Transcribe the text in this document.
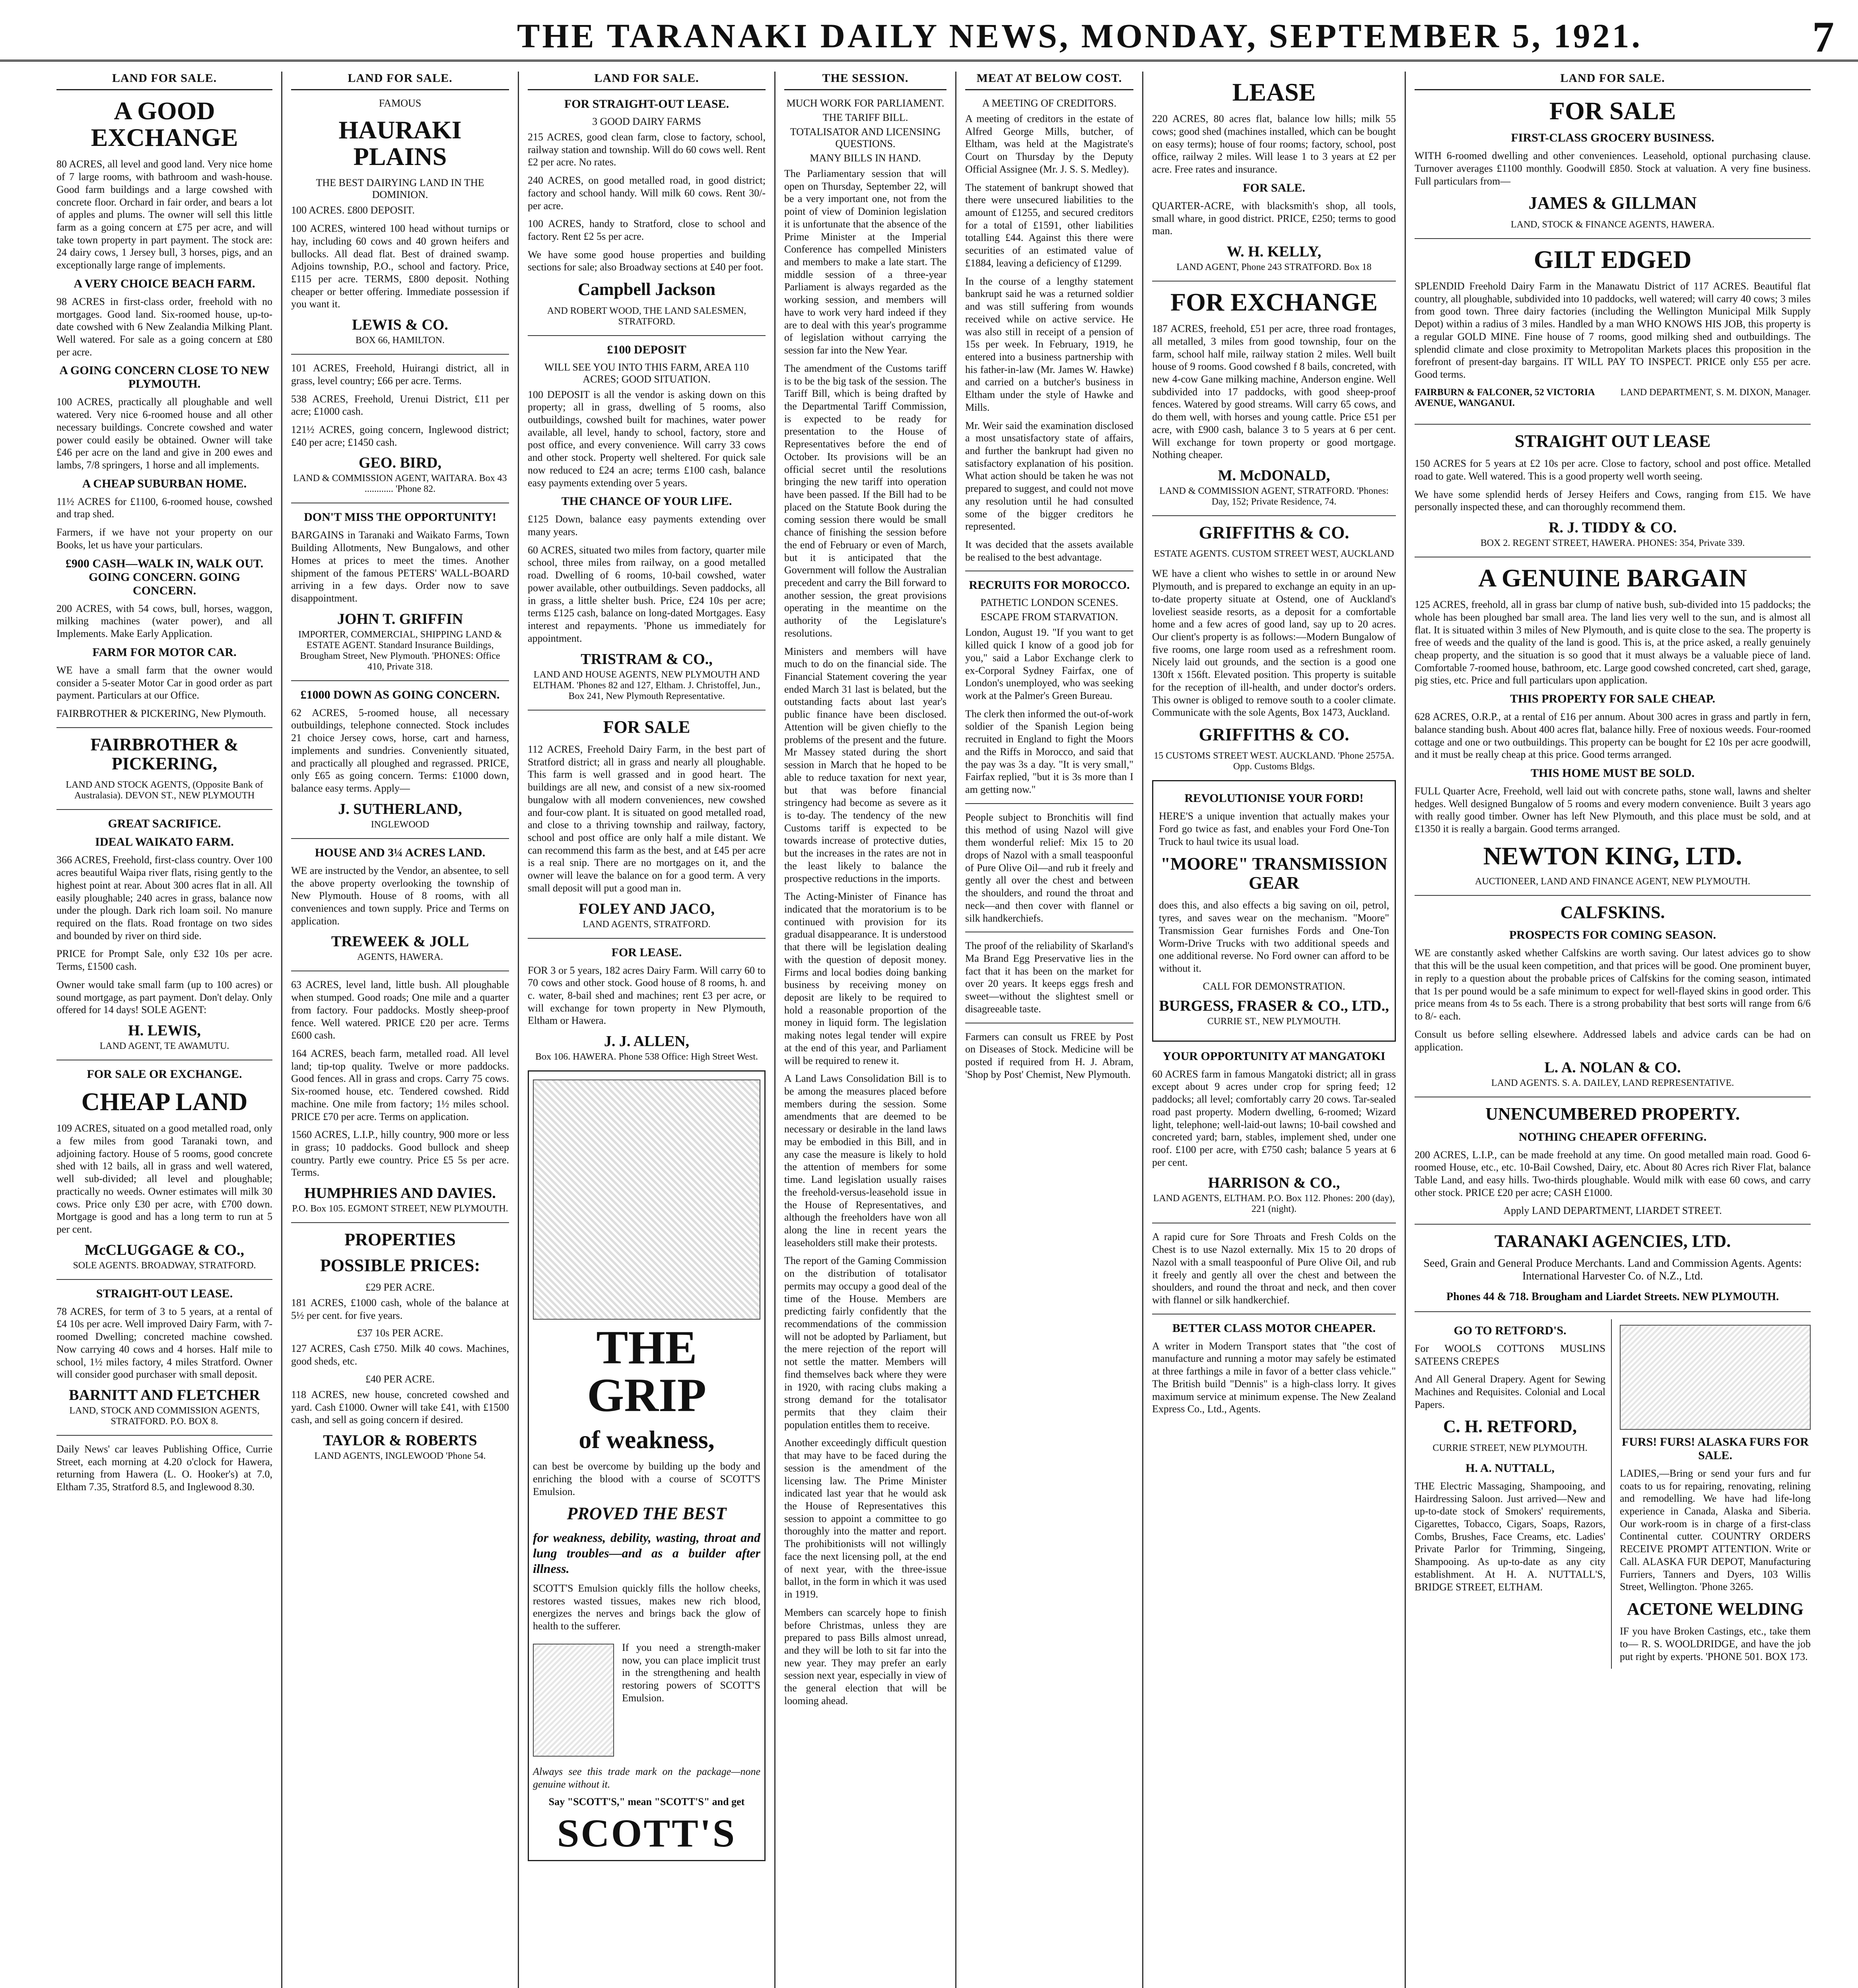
THE TARANAKI DAILY NEWS, MONDAY, SEPTEMBER 5, 1921.	7
LAND FOR SALE.
A GOOD EXCHANGE
80 ACRES, all level and good land. Very nice home of 7 large rooms, with bathroom and wash-house. Good farm buildings and a large cowshed with concrete floor. Orchard in fair order, and bears a lot of apples and plums. The owner will sell this little farm as a going concern at £75 per acre, and will take town property in part payment. The stock are: 24 dairy cows, 1 Jersey bull, 3 horses, pigs, and an exceptionally large range of implements.
A VERY CHOICE BEACH FARM.
98 ACRES in first-class order, freehold with no mortgages. Good land. Six-roomed house, up-to-date cowshed with 6 New Zealandia Milking Plant. Well watered. For sale as a going concern at £80 per acre.
A GOING CONCERN CLOSE TO NEW PLYMOUTH.
100 ACRES, practically all ploughable and well watered. Very nice 6-roomed house and all other necessary buildings. Concrete cowshed and water power could easily be obtained. Owner will take £46 per acre on the land and give in 200 ewes and lambs, 7/8 springers, 1 horse and all implements.
A CHEAP SUBURBAN HOME.
11½ ACRES for £1100, 6-roomed house, cowshed and trap shed.
Farmers, if we have not your property on our Books, let us have your particulars.
£900 CASH—WALK IN, WALK OUT. GOING CONCERN. GOING CONCERN.
200 ACRES, with 54 cows, bull, horses, waggon, milking machines (water power), and all Implements. Make Early Application.
FARM FOR MOTOR CAR.
WE have a small farm that the owner would consider a 5-seater Motor Car in good order as part payment. Particulars at our Office.
FAIRBROTHER & PICKERING, New Plymouth.
FAIRBROTHER & PICKERING,
LAND AND STOCK AGENTS, (Opposite Bank of Australasia). DEVON ST., NEW PLYMOUTH
GREAT SACRIFICE.
IDEAL WAIKATO FARM.
366 ACRES, Freehold, first-class country. Over 100 acres beautiful Waipa river flats, rising gently to the highest point at rear. About 300 acres flat in all. All easily ploughable; 240 acres in grass, balance now under the plough. Dark rich loam soil. No manure required on the flats. Road frontage on two sides and bounded by river on third side.
PRICE for Prompt Sale, only £32 10s per acre. Terms, £1500 cash.
Owner would take small farm (up to 100 acres) or sound mortgage, as part payment. Don't delay. Only offered for 14 days! SOLE AGENT:
H. LEWIS,
LAND AGENT, TE AWAMUTU.
FOR SALE OR EXCHANGE.
CHEAP LAND
109 ACRES, situated on a good metalled road, only a few miles from good Taranaki town, and adjoining factory. House of 5 rooms, good concrete shed with 12 bails, all in grass and well watered, well sub-divided; all level and ploughable; practically no weeds. Owner estimates will milk 30 cows. Price only £30 per acre, with £700 down. Mortgage is good and has a long term to run at 5 per cent.
McCLUGGAGE & CO.,
SOLE AGENTS. BROADWAY, STRATFORD.
STRAIGHT-OUT LEASE.
78 ACRES, for term of 3 to 5 years, at a rental of £4 10s per acre. Well improved Dairy Farm, with 7-roomed Dwelling; concreted machine cowshed. Now carrying 40 cows and 4 horses. Half mile to school, 1½ miles factory, 4 miles Stratford. Owner will consider good purchaser with small deposit.
BARNITT AND FLETCHER
LAND, STOCK AND COMMISSION AGENTS, STRATFORD. P.O. BOX 8.
Daily News' car leaves Publishing Office, Currie Street, each morning at 4.20 o'clock for Hawera, returning from Hawera (L. O. Hooker's) at 7.0, Eltham 7.35, Stratford 8.5, and Inglewood 8.30.
LAND FOR SALE.
FAMOUS
HAURAKI PLAINS
THE BEST DAIRYING LAND IN THE DOMINION.
100 ACRES. £800 DEPOSIT.
100 ACRES, wintered 100 head without turnips or hay, including 60 cows and 40 grown heifers and bullocks. All dead flat. Best of drained swamp. Adjoins township, P.O., school and factory. Price, £115 per acre. TERMS, £800 deposit. Nothing cheaper or better offering. Immediate possession if you want it.
LEWIS & CO.
BOX 66, HAMILTON.
101 ACRES, Freehold, Huirangi district, all in grass, level country; £66 per acre. Terms.
538 ACRES, Freehold, Urenui District, £11 per acre; £1000 cash.
121½ ACRES, going concern, Inglewood district; £40 per acre; £1450 cash.
GEO. BIRD,
LAND & COMMISSION AGENT, WAITARA. Box 43 ............ 'Phone 82.
DON'T MISS THE OPPORTUNITY!
BARGAINS in Taranaki and Waikato Farms, Town Building Allotments, New Bungalows, and other Homes at prices to meet the times. Another shipment of the famous PETERS' WALL-BOARD arriving in a few days. Order now to save disappointment.
JOHN T. GRIFFIN
IMPORTER, COMMERCIAL, SHIPPING LAND & ESTATE AGENT. Standard Insurance Buildings, Brougham Street, New Plymouth. 'PHONES: Office 410, Private 318.
£1000 DOWN AS GOING CONCERN.
62 ACRES, 5-roomed house, all necessary outbuildings, telephone connected. Stock includes 21 choice Jersey cows, horse, cart and harness, implements and sundries. Conveniently situated, and practically all ploughed and regrassed. PRICE, only £65 as going concern. Terms: £1000 down, balance easy terms. Apply—
J. SUTHERLAND,
INGLEWOOD
HOUSE AND 3¼ ACRES LAND.
WE are instructed by the Vendor, an absentee, to sell the above property overlooking the township of New Plymouth. House of 8 rooms, with all conveniences and town supply. Price and Terms on application.
TREWEEK & JOLL
AGENTS, HAWERA.
63 ACRES, level land, little bush. All ploughable when stumped. Good roads; One mile and a quarter from factory. Four paddocks. Mostly sheep-proof fence. Well watered. PRICE £20 per acre. Terms £600 cash.
164 ACRES, beach farm, metalled road. All level land; tip-top quality. Twelve or more paddocks. Good fences. All in grass and crops. Carry 75 cows. Six-roomed house, etc. Tendered cowshed. Ridd machine. One mile from factory; 1½ miles school. PRICE £70 per acre. Terms on application.
1560 ACRES, L.I.P., hilly country, 900 more or less in grass; 10 paddocks. Good bullock and sheep country. Partly ewe country. Price £5 5s per acre. Terms.
HUMPHRIES AND DAVIES.
P.O. Box 105. EGMONT STREET, NEW PLYMOUTH.
PROPERTIES
POSSIBLE PRICES:
£29 PER ACRE.
181 ACRES, £1000 cash, whole of the balance at 5½ per cent. for five years.
£37 10s PER ACRE.
127 ACRES, Cash £750. Milk 40 cows. Machines, good sheds, etc.
£40 PER ACRE.
118 ACRES, new house, concreted cowshed and yard. Cash £1000. Owner will take £41, with £1500 cash, and sell as going concern if desired.
TAYLOR & ROBERTS
LAND AGENTS, INGLEWOOD 'Phone 54.
LAND FOR SALE.
FOR STRAIGHT-OUT LEASE.
3 GOOD DAIRY FARMS
215 ACRES, good clean farm, close to factory, school, railway station and township. Will do 60 cows well. Rent £2 per acre. No rates.
240 ACRES, on good metalled road, in good district; factory and school handy. Will milk 60 cows. Rent 30/- per acre.
100 ACRES, handy to Stratford, close to school and factory. Rent £2 5s per acre.
We have some good house properties and building sections for sale; also Broadway sections at £40 per foot.
Campbell Jackson
AND ROBERT WOOD, THE LAND SALESMEN, STRATFORD.
£100 DEPOSIT
WILL SEE YOU INTO THIS FARM, AREA 110 ACRES; GOOD SITUATION.
100 DEPOSIT is all the vendor is asking down on this property; all in grass, dwelling of 5 rooms, also outbuildings, cowshed built for machines, water power available, all level, handy to school, factory, store and post office, and every convenience. Will carry 33 cows and other stock. Property well sheltered. For quick sale now reduced to £24 an acre; terms £100 cash, balance easy payments extending over 5 years.
THE CHANCE OF YOUR LIFE.
£125 Down, balance easy payments extending over many years.
60 ACRES, situated two miles from factory, quarter mile school, three miles from railway, on a good metalled road. Dwelling of 6 rooms, 10-bail cowshed, water power available, other outbuildings. Seven paddocks, all in grass, a little shelter bush. Price, £24 10s per acre; terms £125 cash, balance on long-dated Mortgages. Easy interest and repayments. 'Phone us immediately for appointment.
TRISTRAM & CO.,
LAND AND HOUSE AGENTS, NEW PLYMOUTH AND ELTHAM. 'Phones 82 and 127, Eltham. J. Christoffel, Jun., Box 241, New Plymouth Representative.
FOR SALE
112 ACRES, Freehold Dairy Farm, in the best part of Stratford district; all in grass and nearly all ploughable. This farm is well grassed and in good heart. The buildings are all new, and consist of a new six-roomed bungalow with all modern conveniences, new cowshed and four-cow plant. It is situated on good metalled road, and close to a thriving township and railway, factory, school and post office are only half a mile distant. We can recommend this farm as the best, and at £45 per acre is a real snip. There are no mortgages on it, and the owner will leave the balance on for a good term. A very small deposit will put a good man in.
FOLEY AND JACO,
LAND AGENTS, STRATFORD.
FOR LEASE.
FOR 3 or 5 years, 182 acres Dairy Farm. Will carry 60 to 70 cows and other stock. Good house of 8 rooms, h. and c. water, 8-bail shed and machines; rent £3 per acre, or will exchange for town property in New Plymouth, Eltham or Hawera.
J. J. ALLEN,
Box 106. HAWERA. Phone 538 Office: High Street West.
THE GRIP
of weakness,
can best be overcome by building up the body and enriching the blood with a course of SCOTT'S Emulsion.
PROVED THE BEST
for weakness, debility, wasting, throat and lung troubles—and as a builder after illness.
SCOTT'S Emulsion quickly fills the hollow cheeks, restores wasted tissues, makes new rich blood, energizes the nerves and brings back the glow of health to the sufferer.
If you need a strength-maker now, you can place implicit trust in the strengthening and health restoring powers of SCOTT'S Emulsion.
Always see this trade mark on the package—none genuine without it.
Say "SCOTT'S," mean "SCOTT'S" and get
SCOTT'S
THE SESSION.
MUCH WORK FOR PARLIAMENT.
THE TARIFF BILL.
TOTALISATOR AND LICENSING QUESTIONS.
MANY BILLS IN HAND.
The Parliamentary session that will open on Thursday, September 22, will be a very important one, not from the point of view of Dominion legislation it is unfortunate that the absence of the Prime Minister at the Imperial Conference has compelled Ministers and members to make a late start. The middle session of a three-year Parliament is always regarded as the working session, and members will have to work very hard indeed if they are to deal with this year's programme of legislation without carrying the session far into the New Year.
The amendment of the Customs tariff is to be the big task of the session. The Tariff Bill, which is being drafted by the Departmental Tariff Commission, is expected to be ready for presentation to the House of Representatives before the end of October. Its provisions will be an official secret until the resolutions bringing the new tariff into operation have been passed. If the Bill had to be placed on the Statute Book during the coming session there would be small chance of finishing the session before the end of February or even of March, but it is anticipated that the Government will follow the Australian precedent and carry the Bill forward to another session, the great provisions operating in the meantime on the authority of the Legislature's resolutions.
Ministers and members will have much to do on the financial side. The Financial Statement covering the year ended March 31 last is belated, but the outstanding facts about last year's public finance have been disclosed. Attention will be given chiefly to the problems of the present and the future. Mr Massey stated during the short session in March that he hoped to be able to reduce taxation for next year, but that was before financial stringency had become as severe as it is to-day. The tendency of the new Customs tariff is expected to be towards increase of protective duties, but the increases in the rates are not in the least likely to balance the prospective reductions in the imports.
The Acting-Minister of Finance has indicated that the moratorium is to be continued with provision for its gradual disappearance. It is understood that there will be legislation dealing with the question of deposit money. Firms and local bodies doing banking business by receiving money on deposit are likely to be required to hold a reasonable proportion of the money in liquid form. The legislation making notes legal tender will expire at the end of this year, and Parliament will be required to renew it.
A Land Laws Consolidation Bill is to be among the measures placed before members during the session. Some amendments that are deemed to be necessary or desirable in the land laws may be embodied in this Bill, and in any case the measure is likely to hold the attention of members for some time. Land legislation usually raises the freehold-versus-leasehold issue in the House of Representatives, and although the freeholders have won all along the line in recent years the leaseholders still make their protests.
The report of the Gaming Commission on the distribution of totalisator permits may occupy a good deal of the time of the House. Members are predicting fairly confidently that the recommendations of the commission will not be adopted by Parliament, but the mere rejection of the report will not settle the matter. Members will find themselves back where they were in 1920, with racing clubs making a strong demand for the totalisator permits that they claim their population entitles them to receive.
Another exceedingly difficult question that may have to be faced during the session is the amendment of the licensing law. The Prime Minister indicated last year that he would ask the House of Representatives this session to appoint a committee to go thoroughly into the matter and report. The prohibitionists will not willingly face the next licensing poll, at the end of next year, with the three-issue ballot, in the form in which it was used in 1919.
Members can scarcely hope to finish before Christmas, unless they are prepared to pass Bills almost unread, and they will be loth to sit far into the new year. They may prefer an early session next year, especially in view of the general election that will be looming ahead.
MEAT AT BELOW COST.
A MEETING OF CREDITORS.
A meeting of creditors in the estate of Alfred George Mills, butcher, of Eltham, was held at the Magistrate's Court on Thursday by the Deputy Official Assignee (Mr. J. S. S. Medley).
The statement of bankrupt showed that there were unsecured liabilities to the amount of £1255, and secured creditors for a total of £1591, other liabilities totalling £44. Against this there were securities of an estimated value of £1884, leaving a deficiency of £1299.
In the course of a lengthy statement bankrupt said he was a returned soldier and was still suffering from wounds received while on active service. He was also still in receipt of a pension of 15s per week. In February, 1919, he entered into a business partnership with his father-in-law (Mr. James W. Hawke) and carried on a butcher's business in Eltham under the style of Hawke and Mills.
Mr. Weir said the examination disclosed a most unsatisfactory state of affairs, and further the bankrupt had given no satisfactory explanation of his position. What action should be taken he was not prepared to suggest, and could not move any resolution until he had consulted some of the bigger creditors he represented.
It was decided that the assets available be realised to the best advantage.
RECRUITS FOR MOROCCO.
PATHETIC LONDON SCENES.
ESCAPE FROM STARVATION.
London, August 19. "If you want to get killed quick I know of a good job for you," said a Labor Exchange clerk to ex-Corporal Sydney Fairfax, one of London's unemployed, who was seeking work at the Palmer's Green Bureau.
The clerk then informed the out-of-work soldier of the Spanish Legion being recruited in England to fight the Moors and the Riffs in Morocco, and said that the pay was 3s a day. "It is very small," Fairfax replied, "but it is 3s more than I am getting now."
People subject to Bronchitis will find this method of using Nazol will give them wonderful relief: Mix 15 to 20 drops of Nazol with a small teaspoonful of Pure Olive Oil—and rub it freely and gently all over the chest and between the shoulders, and round the throat and neck—and then cover with flannel or silk handkerchiefs.
The proof of the reliability of Skarland's Ma Brand Egg Preservative lies in the fact that it has been on the market for over 20 years. It keeps eggs fresh and sweet—without the slightest smell or disagreeable taste.
Farmers can consult us FREE by Post on Diseases of Stock. Medicine will be posted if required from H. J. Abram, 'Shop by Post' Chemist, New Plymouth.
LEASE
220 ACRES, 80 acres flat, balance low hills; milk 55 cows; good shed (machines installed, which can be bought on easy terms); house of four rooms; factory, school, post office, railway 2 miles. Will lease 1 to 3 years at £2 per acre. Free rates and insurance.
FOR SALE.
QUARTER-ACRE, with blacksmith's shop, all tools, small whare, in good district. PRICE, £250; terms to good man.
W. H. KELLY,
LAND AGENT, Phone 243 STRATFORD. Box 18
FOR EXCHANGE
187 ACRES, freehold, £51 per acre, three road frontages, all metalled, 3 miles from good township, four on the farm, school half mile, railway station 2 miles. Well built house of 9 rooms. Good cowshed f 8 bails, concreted, with new 4-cow Gane milking machine, Anderson engine. Well subdivided into 17 paddocks, with good sheep-proof fences. Watered by good streams. Will carry 65 cows, and do them well, with horses and young cattle. Price £51 per acre, with £900 cash, balance 3 to 5 years at 6 per cent. Will exchange for town property or good mortgage. Nothing cheaper.
M. McDONALD,
LAND & COMMISSION AGENT, STRATFORD. 'Phones: Day, 152; Private Residence, 74.
GRIFFITHS & CO.
ESTATE AGENTS. CUSTOM STREET WEST, AUCKLAND
WE have a client who wishes to settle in or around New Plymouth, and is prepared to exchange an equity in an up-to-date property situate at Ostend, one of Auckland's loveliest seaside resorts, as a deposit for a comfortable home and a few acres of good land, say up to 20 acres. Our client's property is as follows:—Modern Bungalow of five rooms, one large room used as a refreshment room. Nicely laid out grounds, and the section is a good one 130ft x 156ft. Elevated position. This property is suitable for the reception of ill-health, and under doctor's orders. This owner is obliged to remove south to a cooler climate. Communicate with the sole Agents, Box 1473, Auckland.
GRIFFITHS & CO.
15 CUSTOMS STREET WEST. AUCKLAND. 'Phone 2575A. Opp. Customs Bldgs.
REVOLUTIONISE YOUR FORD!
HERE'S a unique invention that actually makes your Ford go twice as fast, and enables your Ford One-Ton Truck to haul twice its usual load.
"MOORE" TRANSMISSION GEAR
does this, and also effects a big saving on oil, petrol, tyres, and saves wear on the mechanism. "Moore" Transmission Gear furnishes Fords and One-Ton Worm-Drive Trucks with two additional speeds and one additional reverse. No Ford owner can afford to be without it.
CALL FOR DEMONSTRATION.
BURGESS, FRASER & CO., LTD.,
CURRIE ST., NEW PLYMOUTH.
YOUR OPPORTUNITY AT MANGATOKI
60 ACRES farm in famous Mangatoki district; all in grass except about 9 acres under crop for spring feed; 12 paddocks; all level; comfortably carry 20 cows. Tar-sealed road past property. Modern dwelling, 6-roomed; Wizard light, telephone; well-laid-out lawns; 10-bail cowshed and concreted yard; barn, stables, implement shed, under one roof. £100 per acre, with £750 cash; balance 5 years at 6 per cent.
HARRISON & CO.,
LAND AGENTS, ELTHAM. P.O. Box 112. Phones: 200 (day), 221 (night).
A rapid cure for Sore Throats and Fresh Colds on the Chest is to use Nazol externally. Mix 15 to 20 drops of Nazol with a small teaspoonful of Pure Olive Oil, and rub it freely and gently all over the chest and between the shoulders, and round the throat and neck, and then cover with flannel or silk handkerchief.
BETTER CLASS MOTOR CHEAPER.
A writer in Modern Transport states that "the cost of manufacture and running a motor may safely be estimated at three farthings a mile in favor of a better class vehicle." The British build "Dennis" is a high-class lorry. It gives maximum service at minimum expense. The New Zealand Express Co., Ltd., Agents.
LAND FOR SALE.
FOR SALE
FIRST-CLASS GROCERY BUSINESS.
WITH 6-roomed dwelling and other conveniences. Leasehold, optional purchasing clause. Turnover averages £1100 monthly. Goodwill £850. Stock at valuation. A very fine business. Full particulars from—
JAMES & GILLMAN
LAND, STOCK & FINANCE AGENTS, HAWERA.
GILT EDGED
SPLENDID Freehold Dairy Farm in the Manawatu District of 117 ACRES. Beautiful flat country, all ploughable, subdivided into 10 paddocks, well watered; will carry 40 cows; 3 miles from good town. Three dairy factories (including the Wellington Municipal Milk Supply Depot) within a radius of 3 miles. Handled by a man WHO KNOWS HIS JOB, this property is a regular GOLD MINE. Fine house of 7 rooms, good milking shed and outbuildings. The splendid climate and close proximity to Metropolitan Markets places this proposition in the forefront of present-day bargains. IT WILL PAY TO INSPECT. PRICE only £55 per acre. Good terms.
FAIRBURN & FALCONER, 52 VICTORIA AVENUE, WANGANUI.
LAND DEPARTMENT, S. M. DIXON, Manager.
STRAIGHT OUT LEASE
150 ACRES for 5 years at £2 10s per acre. Close to factory, school and post office. Metalled road to gate. Well watered. This is a good property well worth seeing.
We have some splendid herds of Jersey Heifers and Cows, ranging from £15. We have personally inspected these, and can thoroughly recommend them.
R. J. TIDDY & CO.
BOX 2. REGENT STREET, HAWERA. PHONES: 354, Private 339.
A GENUINE BARGAIN
125 ACRES, freehold, all in grass bar clump of native bush, sub-divided into 15 paddocks; the whole has been ploughed bar small area. The land lies very well to the sun, and is almost all flat. It is situated within 3 miles of New Plymouth, and is quite close to the sea. The property is free of weeds and the quality of the land is good. This is, at the price asked, a really genuinely cheap property, and the situation is so good that it must always be a valuable piece of land. Comfortable 7-roomed house, bathroom, etc. Large good cowshed concreted, cart shed, garage, pig sties, etc. Price and full particulars upon application.
THIS PROPERTY FOR SALE CHEAP.
628 ACRES, O.R.P., at a rental of £16 per annum. About 300 acres in grass and partly in fern, balance standing bush. About 400 acres flat, balance hilly. Free of noxious weeds. Four-roomed cottage and one or two outbuildings. This property can be bought for £2 10s per acre goodwill, and it must be really cheap at this price. Good terms arranged.
THIS HOME MUST BE SOLD.
FULL Quarter Acre, Freehold, well laid out with concrete paths, stone wall, lawns and shelter hedges. Well designed Bungalow of 5 rooms and every modern convenience. Built 3 years ago with really good timber. Owner has left New Plymouth, and this place must be sold, and at £1350 it is really a bargain. Good terms arranged.
NEWTON KING, LTD.
AUCTIONEER, LAND AND FINANCE AGENT, NEW PLYMOUTH.
CALFSKINS.
PROSPECTS FOR COMING SEASON.
WE are constantly asked whether Calfskins are worth saving. Our latest advices go to show that this will be the usual keen competition, and that prices will be good. One prominent buyer, in reply to a question about the probable prices of Calfskins for the coming season, intimated that 1s per pound would be a safe minimum to expect for well-flayed skins in good order. This price means from 4s to 5s each. There is a strong probability that best sorts will range from 6/6 to 8/- each.
Consult us before selling elsewhere. Addressed labels and advice cards can be had on application.
L. A. NOLAN & CO.
LAND AGENTS. S. A. DAILEY, LAND REPRESENTATIVE.
UNENCUMBERED PROPERTY.
NOTHING CHEAPER OFFERING.
200 ACRES, L.I.P., can be made freehold at any time. On good metalled main road. Good 6-roomed House, etc., etc. 10-Bail Cowshed, Dairy, etc. About 80 Acres rich River Flat, balance Table Land, and easy hills. Two-thirds ploughable. Would milk with ease 60 cows, and carry other stock. PRICE £20 per acre; CASH £1000.
Apply LAND DEPARTMENT, LIARDET STREET.
TARANAKI AGENCIES, LTD.
Seed, Grain and General Produce Merchants. Land and Commission Agents. Agents: International Harvester Co. of N.Z., Ltd.
Phones 44 & 718. Brougham and Liardet Streets. NEW PLYMOUTH.
GO TO RETFORD'S.
For WOOLS COTTONS MUSLINS SATEENS CREPES
And All General Drapery. Agent for Sewing Machines and Requisites. Colonial and Local Papers.
C. H. RETFORD,
CURRIE STREET, NEW PLYMOUTH.
H. A. NUTTALL,
THE Electric Massaging, Shampooing, and Hairdressing Saloon. Just arrived—New and up-to-date stock of Smokers' requirements, Cigarettes, Tobacco, Cigars, Soaps, Razors, Combs, Brushes, Face Creams, etc. Ladies' Private Parlor for Trimming, Singeing, Shampooing. As up-to-date as any city establishment. At H. A. NUTTALL'S, BRIDGE STREET, ELTHAM.
FURS! FURS! ALASKA FURS FOR SALE.
LADIES,—Bring or send your furs and fur coats to us for repairing, renovating, relining and remodelling. We have had life-long experience in Canada, Alaska and Siberia. Our work-room is in charge of a first-class Continental cutter. COUNTRY ORDERS RECEIVE PROMPT ATTENTION. Write or Call. ALASKA FUR DEPOT, Manufacturing Furriers, Tanners and Dyers, 103 Willis Street, Wellington. 'Phone 3265.
ACETONE WELDING
IF you have Broken Castings, etc., take them to— R. S. WOOLDRIDGE, and have the job put right by experts. 'PHONE 501. BOX 173.
